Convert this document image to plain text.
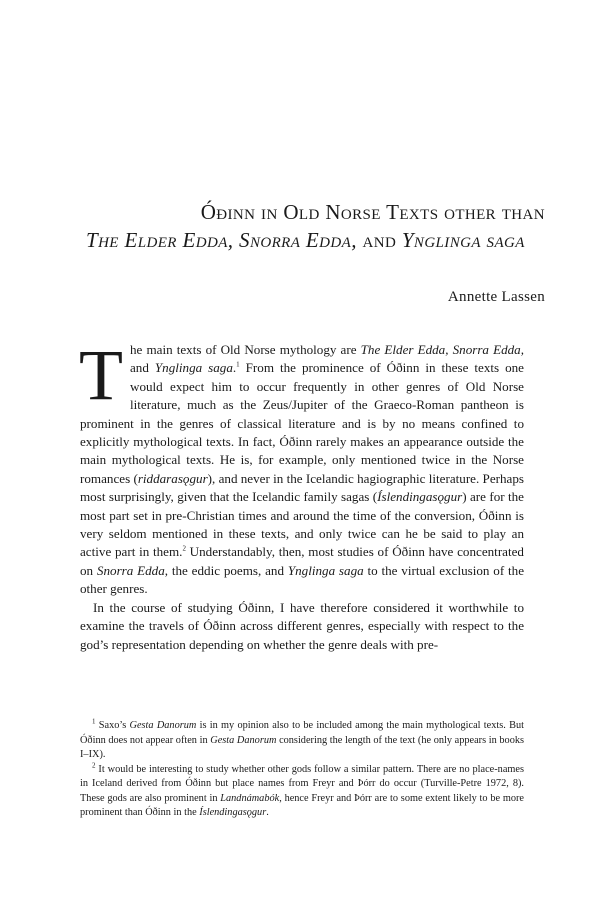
Óðinn in Old Norse Texts other than
The Elder Edda, Snorra Edda, and Ynglinga saga
Annette Lassen

The main texts of Old Norse mythology are The Elder Edda, Snorra Edda, and Ynglinga saga.$^1$ From the prominence of Óðinn in these texts one would expect him to occur frequently in other genres of Old Norse literature, much as the Zeus/Jupiter of the Graeco-Roman pantheon is prominent in the genres of classical literature and is by no means confined to explicitly mythological texts. In fact, Óðinn rarely makes an appearance outside the main mythological texts. He is, for example, only mentioned twice in the Norse romances (riddarasǫgur), and never in the Icelandic hagiographic literature. Perhaps most surprisingly, given that the Icelandic family sagas (Íslendingasǫgur) are for the most part set in pre-Christian times and around the time of the conversion, Óðinn is very seldom mentioned in these texts, and only twice can he be said to play an active part in them.$^2$ Understandably, then, most studies of Óðinn have concentrated on Snorra Edda, the eddic poems, and Ynglinga saga to the virtual exclusion of the other genres.

In the course of studying Óðinn, I have therefore considered it worthwhile to examine the travels of Óðinn across different genres, especially with respect to the god’s representation depending on whether the genre deals with pre-

$^1$ Saxo’s Gesta Danorum is in my opinion also to be included among the main mythological texts. But Óðinn does not appear often in Gesta Danorum considering the length of the text (he only appears in books I–IX).

$^2$ It would be interesting to study whether other gods follow a similar pattern. There are no place-names in Iceland derived from Óðinn but place names from Freyr and Þórr do occur (Turville-Petre 1972, 8). These gods are also prominent in Landnámabók, hence Freyr and Þórr are to some extent likely to be more prominent than Óðinn in the Íslendingasǫgur.
